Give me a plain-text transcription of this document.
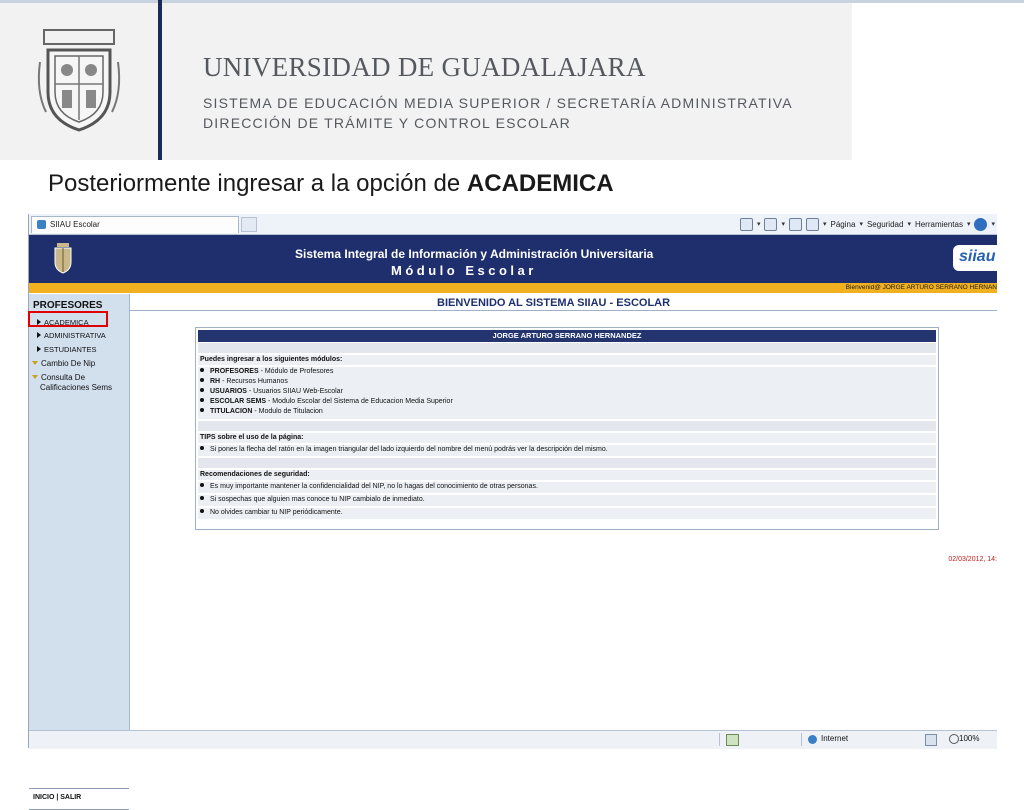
UNIVERSIDAD DE GUADALAJARA
SISTEMA DE EDUCACIÓN MEDIA SUPERIOR / SECRETARÍA ADMINISTRATIVA
DIRECCIÓN DE TRÁMITE Y CONTROL ESCOLAR
Posteriormente ingresar a la opción de ACADEMICA
SIIAU Escolar	▾	▾	▾ Página ▾ Seguridad ▾ Herramientas ▾	▾
Sistema Integral de Información y Administración Universitaria
Módulo Escolar
siiau
Bienvenid@ JORGE ARTURO SERRANO HERNAN
PROFESORES
ACADEMICA
ADMINISTRATIVA
ESTUDIANTES
Cambio De Nip
Consulta De
Calificaciones Sems
INICIO | SALIR
BIENVENIDO AL SISTEMA SIIAU - ESCOLAR
JORGE ARTURO SERRANO HERNANDEZ
Puedes ingresar a los siguientes módulos:
PROFESORES - Módulo de Profesores
RH - Recursos Humanos
USUARIOS - Usuarios SIIAU Web-Escolar
ESCOLAR SEMS - Modulo Escolar del Sistema de Educacion Media Superior
TITULACION - Modulo de Titulacion
TIPS sobre el uso de la página:
Si pones la flecha del ratón en la imagen triangular del lado izquierdo del nombre del menú podrás ver la descripción del mismo.
Recomendaciones de seguridad:
Es muy importante mantener la confidencialidad del NIP, no lo hagas del conocimiento de otras personas.
Si sospechas que alguien mas conoce tu NIP cambialo de inmediato.
No olvides cambiar tu NIP periódicamente.
02/03/2012, 14:
Internet	100%
